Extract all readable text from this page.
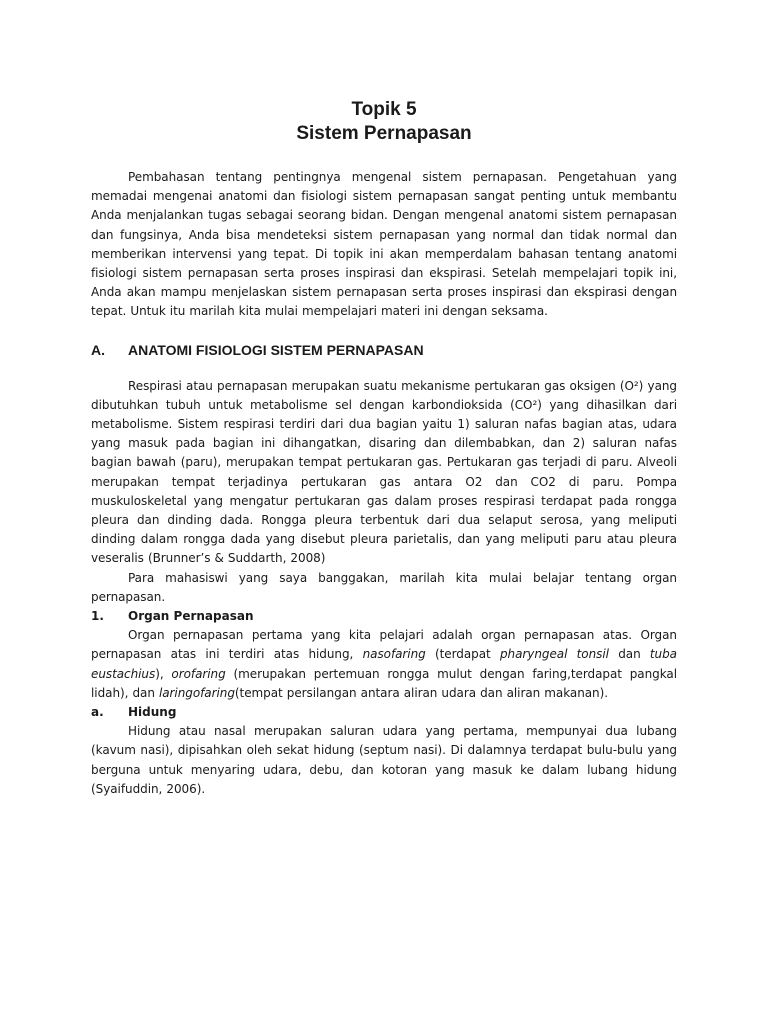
Topik 5
Sistem Pernapasan

Pembahasan tentang pentingnya mengenal sistem pernapasan. Pengetahuan yang memadai mengenai anatomi dan fisiologi sistem pernapasan sangat penting untuk membantu Anda menjalankan tugas sebagai seorang bidan. Dengan mengenal anatomi sistem pernapasan dan fungsinya, Anda bisa mendeteksi sistem pernapasan yang normal dan tidak normal dan memberikan intervensi yang tepat. Di topik ini akan memperdalam bahasan tentang anatomi fisiologi sistem pernapasan serta proses inspirasi dan ekspirasi. Setelah mempelajari topik ini, Anda akan mampu menjelaskan sistem pernapasan serta proses inspirasi dan ekspirasi dengan tepat. Untuk itu marilah kita mulai mempelajari materi ini dengan seksama.

A.	ANATOMI FISIOLOGI SISTEM PERNAPASAN

Respirasi atau pernapasan merupakan suatu mekanisme pertukaran gas oksigen (O²) yang dibutuhkan tubuh untuk metabolisme sel dengan karbondioksida (CO²) yang dihasilkan dari metabolisme. Sistem respirasi terdiri dari dua bagian yaitu 1) saluran nafas bagian atas, udara yang masuk pada bagian ini dihangatkan, disaring dan dilembabkan, dan 2) saluran nafas bagian bawah (paru), merupakan tempat pertukaran gas. Pertukaran gas terjadi di paru. Alveoli merupakan tempat terjadinya pertukaran gas antara O2 dan CO2 di paru. Pompa muskuloskeletal yang mengatur pertukaran gas dalam proses respirasi terdapat pada rongga pleura dan dinding dada. Rongga pleura terbentuk dari dua selaput serosa, yang meliputi dinding dalam rongga dada yang disebut pleura parietalis, dan yang meliputi paru atau pleura veseralis (Brunner’s & Suddarth, 2008)

Para mahasiswi yang saya banggakan, marilah kita mulai belajar tentang organ pernapasan.

1.	Organ Pernapasan

Organ pernapasan pertama yang kita pelajari adalah organ pernapasan atas. Organ pernapasan atas ini terdiri atas hidung, nasofaring (terdapat pharyngeal tonsil dan tuba eustachius), orofaring (merupakan pertemuan rongga mulut dengan faring,terdapat pangkal lidah), dan laringofaring(tempat persilangan antara aliran udara dan aliran makanan).

a.	Hidung

Hidung atau nasal merupakan saluran udara yang pertama, mempunyai dua lubang (kavum nasi), dipisahkan oleh sekat hidung (septum nasi). Di dalamnya terdapat bulu-bulu yang berguna untuk menyaring udara, debu, dan kotoran yang masuk ke dalam lubang hidung (Syaifuddin, 2006).
